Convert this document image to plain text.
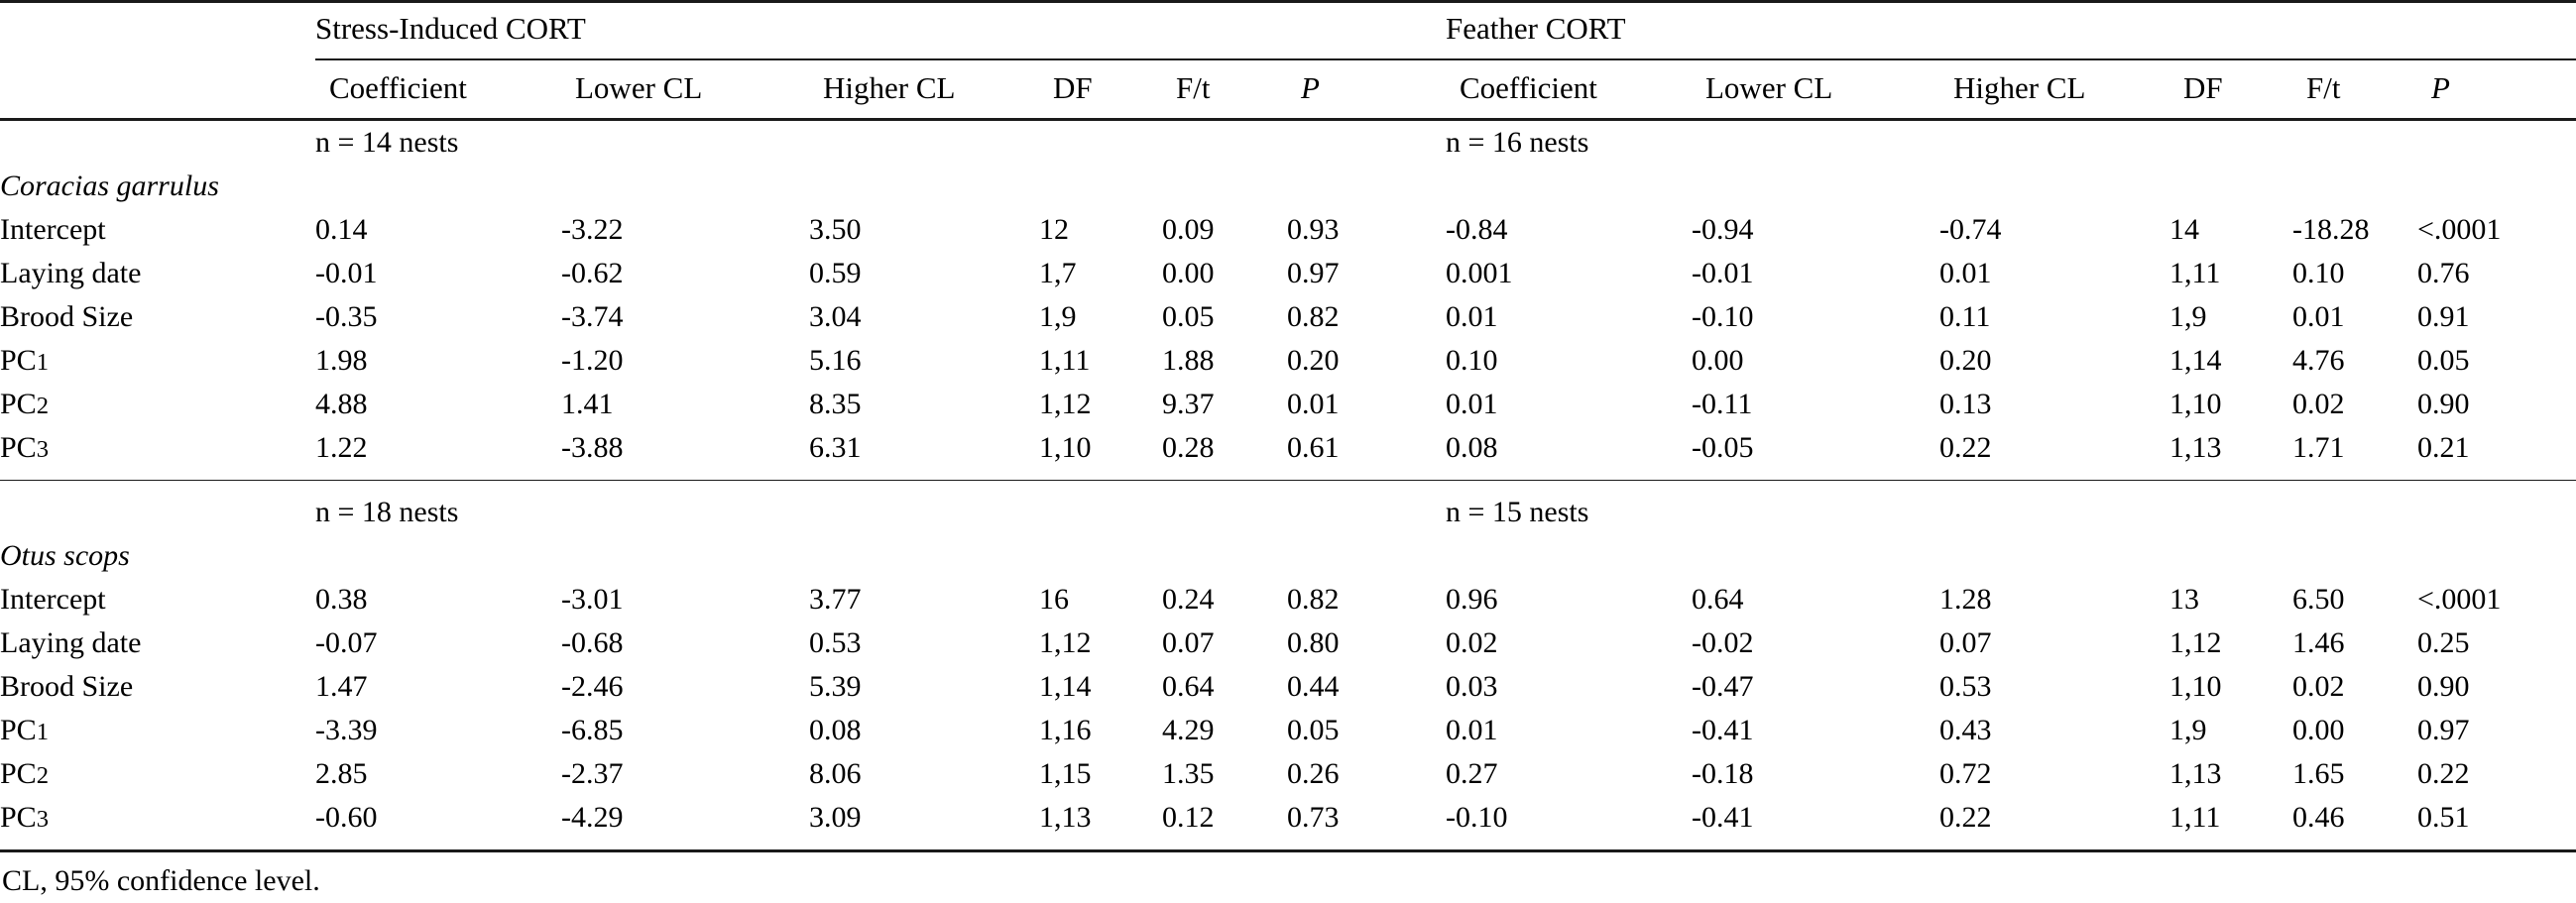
	Stress-Induced CORT						Feather CORT					
	Coefficient	Lower CL	Higher CL	DF	F/t	P	Coefficient	Lower CL	Higher CL	DF	F/t	P

	n = 14 nests						n = 16 nests					
Coracias garrulus												
Intercept	0.14	-3.22	3.50	12	0.09	0.93	-0.84	-0.94	-0.74	14	-18.28	<.0001
Laying date	-0.01	-0.62	0.59	1,7	0.00	0.97	0.001	-0.01	0.01	1,11	0.10	0.76
Brood Size	-0.35	-3.74	3.04	1,9	0.05	0.82	0.01	-0.10	0.11	1,9	0.01	0.91
PC1	1.98	-1.20	5.16	1,11	1.88	0.20	0.10	0.00	0.20	1,14	4.76	0.05
PC2	4.88	1.41	8.35	1,12	9.37	0.01	0.01	-0.11	0.13	1,10	0.02	0.90
PC3	1.22	-3.88	6.31	1,10	0.28	0.61	0.08	-0.05	0.22	1,13	1.71	0.21

	n = 18 nests						n = 15 nests					
Otus scops												
Intercept	0.38	-3.01	3.77	16	0.24	0.82	0.96	0.64	1.28	13	6.50	<.0001
Laying date	-0.07	-0.68	0.53	1,12	0.07	0.80	0.02	-0.02	0.07	1,12	1.46	0.25
Brood Size	1.47	-2.46	5.39	1,14	0.64	0.44	0.03	-0.47	0.53	1,10	0.02	0.90
PC1	-3.39	-6.85	0.08	1,16	4.29	0.05	0.01	-0.41	0.43	1,9	0.00	0.97
PC2	2.85	-2.37	8.06	1,15	1.35	0.26	0.27	-0.18	0.72	1,13	1.65	0.22
PC3	-0.60	-4.29	3.09	1,13	0.12	0.73	-0.10	-0.41	0.22	1,11	0.46	0.51

CL, 95% confidence level.
